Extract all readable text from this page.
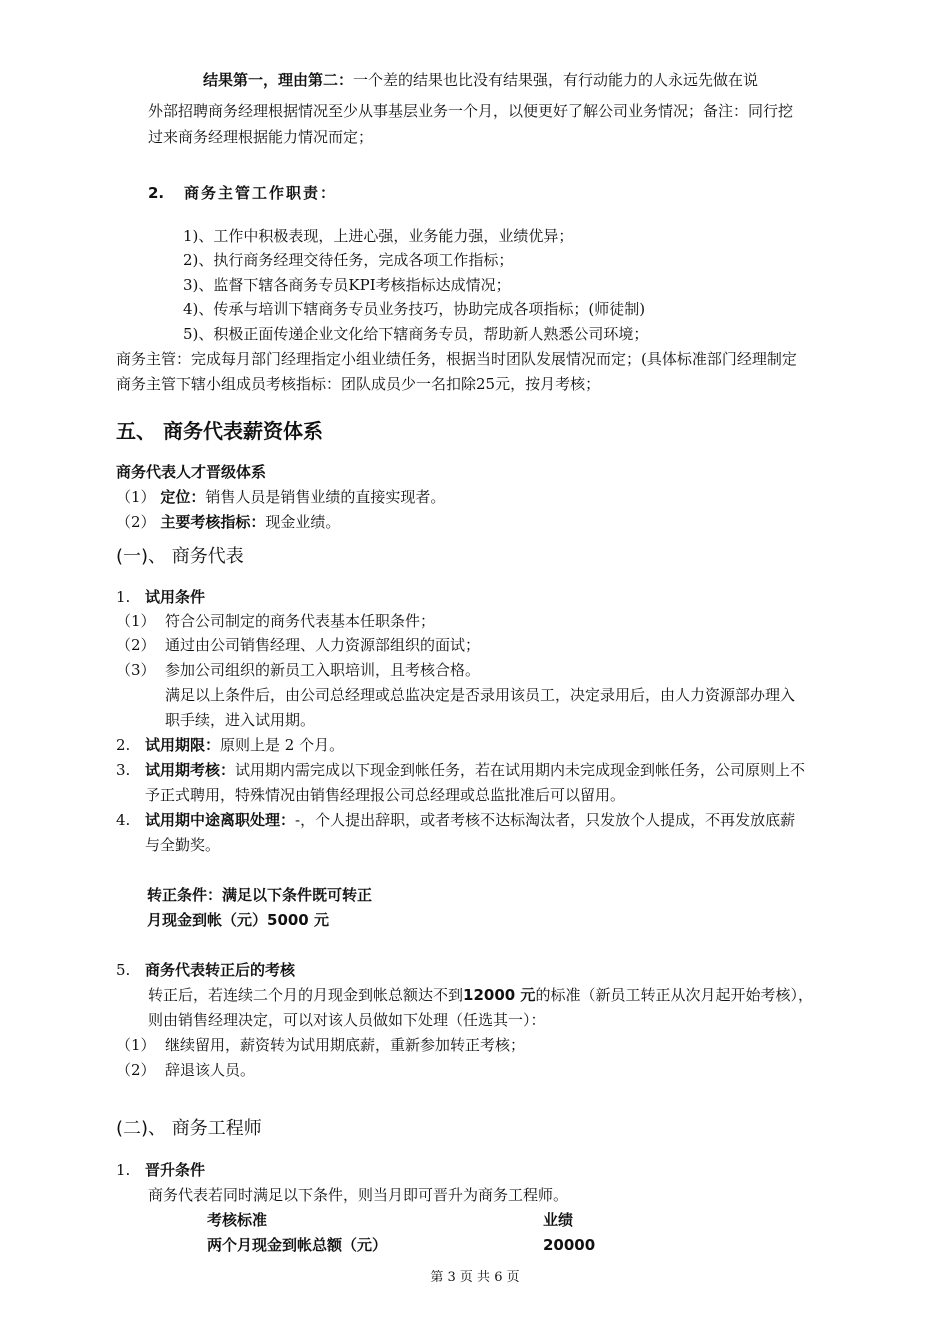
结果第一，理由第二：一个差的结果也比没有结果强，有行动能力的人永远先做在说
外部招聘商务经理根据情况至少从事基层业务一个月，以便更好了解公司业务情况；备注：同行挖
过来商务经理根据能力情况而定；
2. 商务主管工作职责：
1)、工作中积极表现，上进心强，业务能力强，业绩优异；
2)、执行商务经理交待任务，完成各项工作指标；
3)、监督下辖各商务专员KPI考核指标达成情况；
4)、传承与培训下辖商务专员业务技巧，协助完成各项指标；(师徒制)
5)、积极正面传递企业文化给下辖商务专员，帮助新人熟悉公司环境；
商务主管：完成每月部门经理指定小组业绩任务，根据当时团队发展情况而定；(具体标准部门经理制定
商务主管下辖小组成员考核指标：团队成员少一名扣除25元，按月考核；
五、 商务代表薪资体系
商务代表人才晋级体系
（1） 定位：销售人员是销售业绩的直接实现者。
（2） 主要考核指标：现金业绩。
(一)、 商务代表
1. 试用条件
（1） 符合公司制定的商务代表基本任职条件；
（2） 通过由公司销售经理、人力资源部组织的面试；
（3） 参加公司组织的新员工入职培训，且考核合格。
满足以上条件后，由公司总经理或总监决定是否录用该员工，决定录用后，由人力资源部办理入
职手续，进入试用期。
2. 试用期限：原则上是 2 个月。
3. 试用期考核：试用期内需完成以下现金到帐任务，若在试用期内未完成现金到帐任务，公司原则上不
予正式聘用，特殊情况由销售经理报公司总经理或总监批准后可以留用。
4. 试用期中途离职处理：-，个人提出辞职，或者考核不达标淘汰者，只发放个人提成，不再发放底薪
与全勤奖。
转正条件：满足以下条件既可转正
月现金到帐（元）5000 元
5. 商务代表转正后的考核
转正后，若连续二个月的月现金到帐总额达不到12000 元的标准（新员工转正从次月起开始考核），
则由销售经理决定，可以对该人员做如下处理（任选其一）：
（1） 继续留用，薪资转为试用期底薪，重新参加转正考核；
（2） 辞退该人员。
(二)、 商务工程师
1. 晋升条件
商务代表若同时满足以下条件，则当月即可晋升为商务工程师。
考核标准	业绩
两个月现金到帐总额（元）	20000
第 3 页 共 6 页
